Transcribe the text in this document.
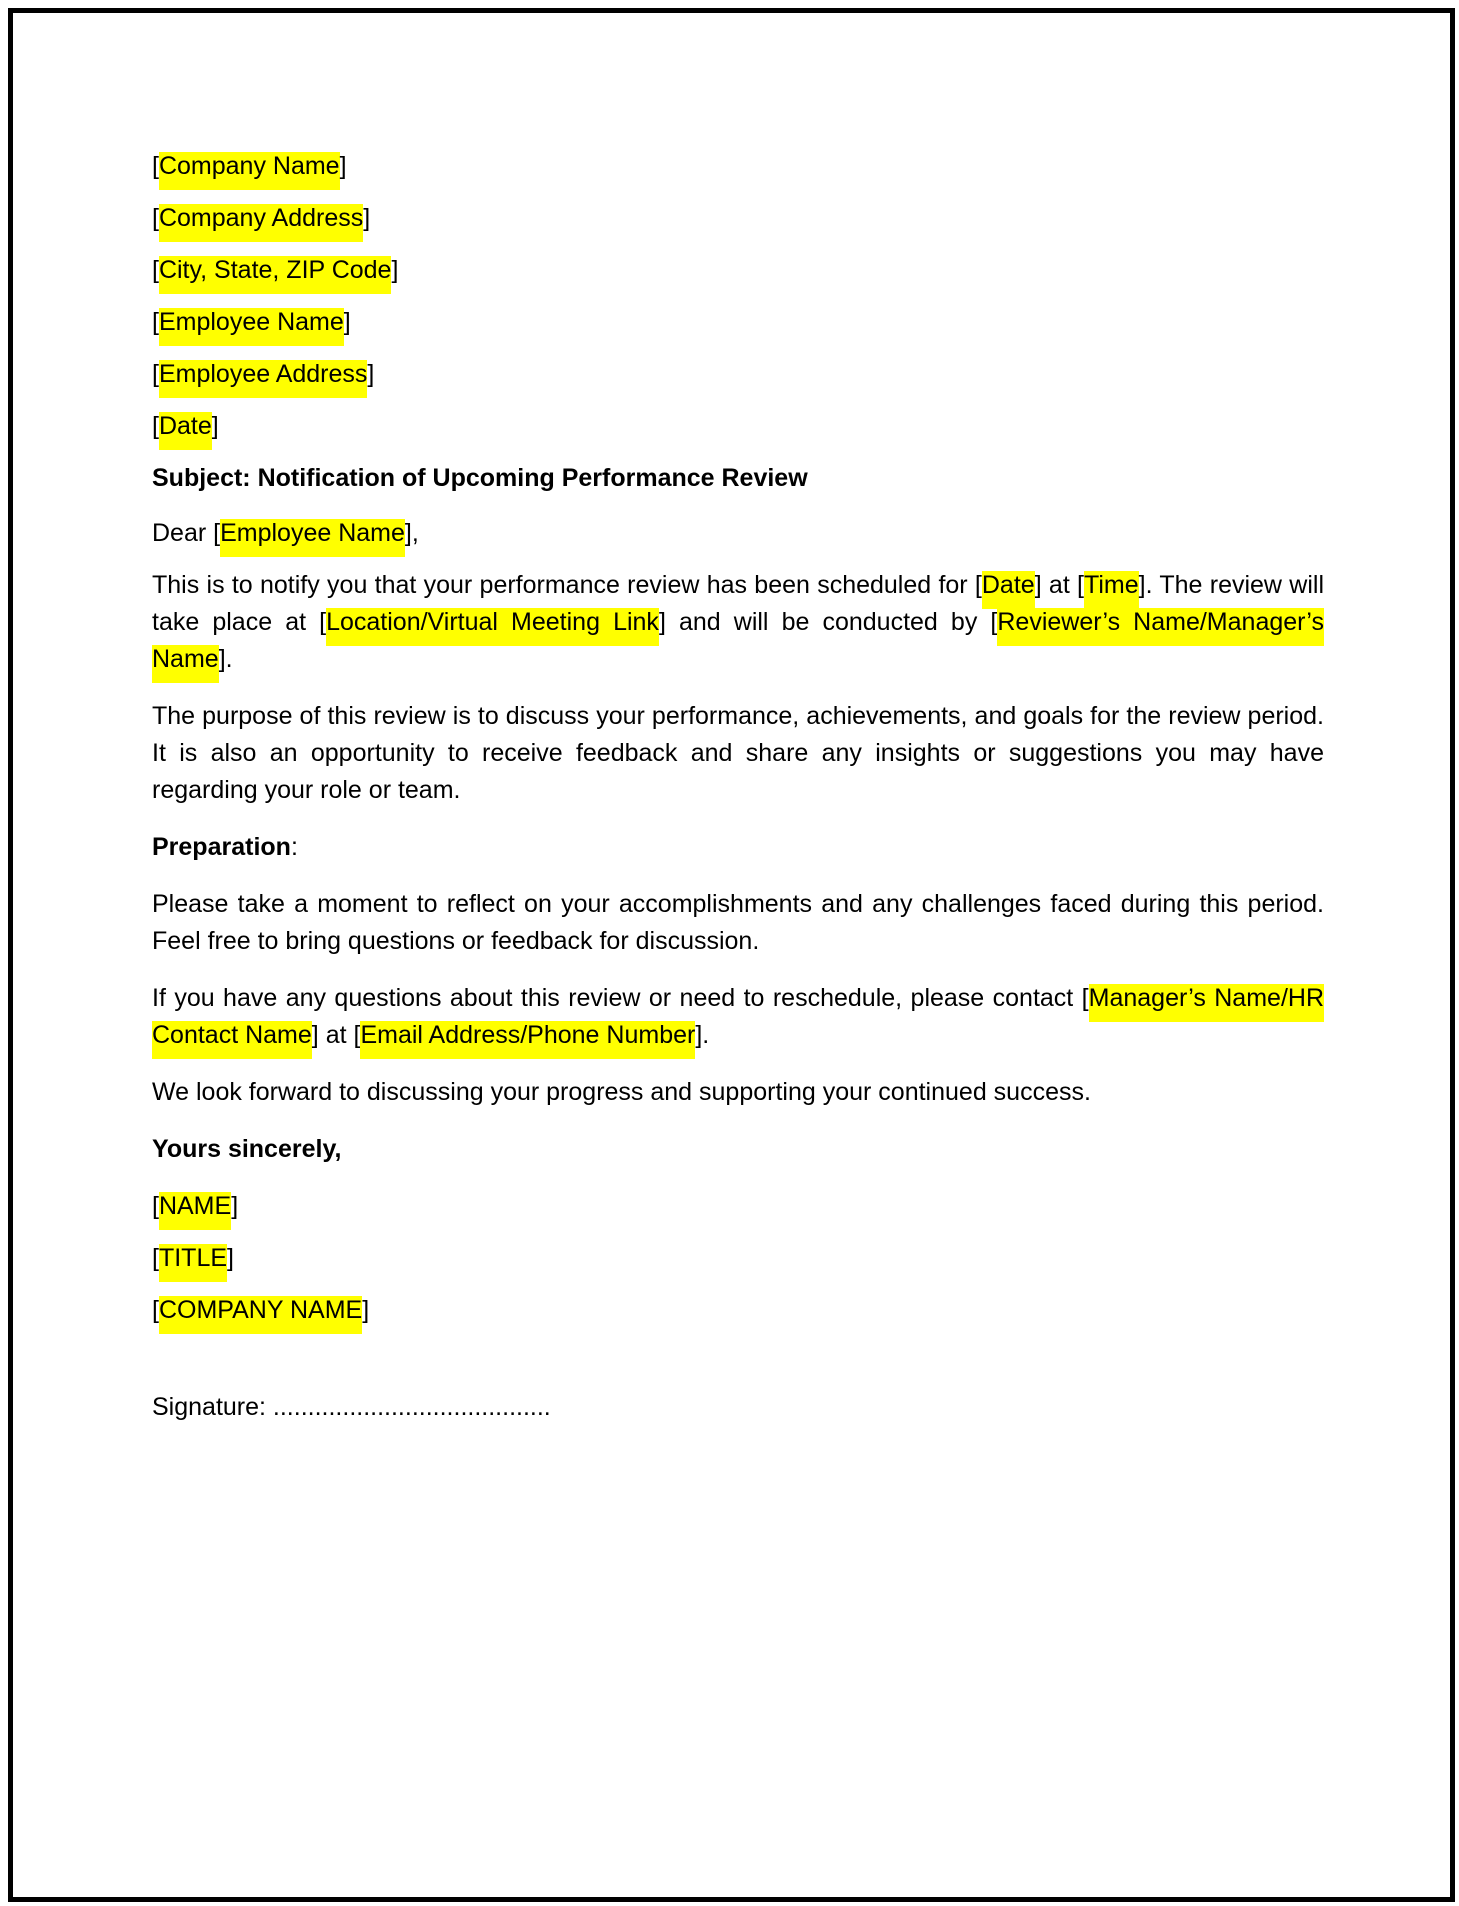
[Company Name]
[Company Address]
[City, State, ZIP Code]
[Employee Name]
[Employee Address]
[Date]
Subject: Notification of Upcoming Performance Review
Dear [Employee Name],
This is to notify you that your performance review has been scheduled for [Date] at [Time]. The review will take place at [Location/Virtual Meeting Link] and will be conducted by [Reviewer’s Name/Manager’s Name].
The purpose of this review is to discuss your performance, achievements, and goals for the review period. It is also an opportunity to receive feedback and share any insights or suggestions you may have regarding your role or team.
Preparation:
Please take a moment to reflect on your accomplishments and any challenges faced during this period. Feel free to bring questions or feedback for discussion.
If you have any questions about this review or need to reschedule, please contact [Manager’s Name/HR Contact Name] at [Email Address/Phone Number].
We look forward to discussing your progress and supporting your continued success.
Yours sincerely,
[NAME]
[TITLE]
[COMPANY NAME]
Signature: ........................................
